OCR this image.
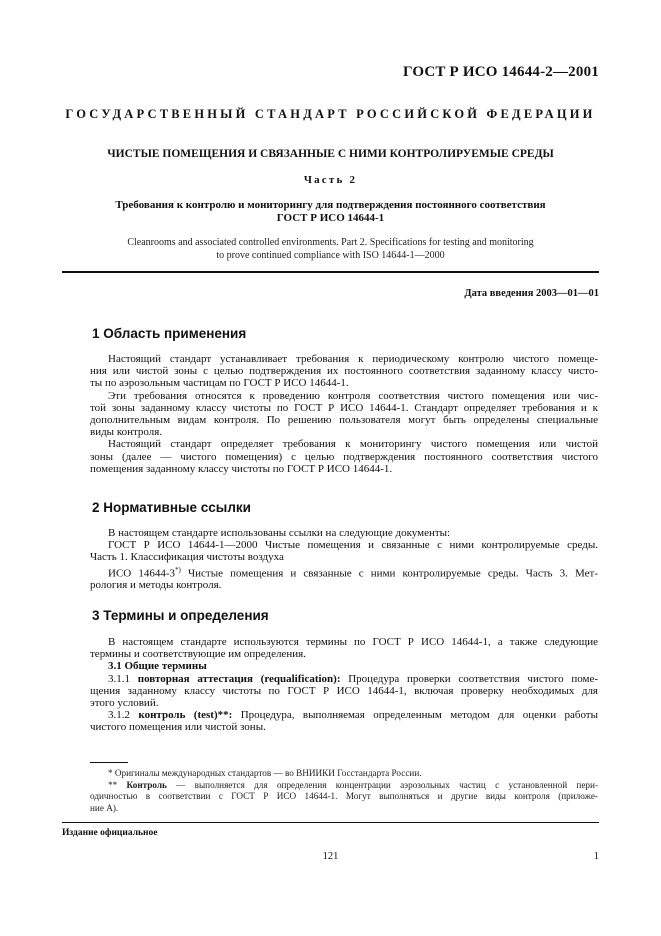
ГОСТ Р ИСО 14644-2—2001
ГОСУДАРСТВЕННЫЙ СТАНДАРТ РОССИЙСКОЙ ФЕДЕРАЦИИ
ЧИСТЫЕ ПОМЕЩЕНИЯ И СВЯЗАННЫЕ С НИМИ КОНТРОЛИРУЕМЫЕ СРЕДЫ
Часть 2
Требования к контролю и мониторингу для подтверждения постоянного соответствия
ГОСТ Р ИСО 14644-1
Cleanrooms and associated controlled environments. Part 2. Specifications for testing and monitoring
to prove continued compliance with ISO 14644-1—2000
Дата введения 2003—01—01
1 Область применения
Настоящий стандарт устанавливает требования к периодическому контролю чистого помеще-
ния или чистой зоны с целью подтверждения их постоянного соответствия заданному классу чисто-
ты по аэрозольным частицам по ГОСТ Р ИСО 14644-1.
Эти требования относятся к проведению контроля соответствия чистого помещения или чис-
той зоны заданному классу чистоты по ГОСТ Р ИСО 14644-1. Стандарт определяет требования и к
дополнительным видам контроля. По решению пользователя могут быть определены специальные
виды контроля.
Настоящий стандарт определяет требования к мониторингу чистого помещения или чистой
зоны (далее — чистого помещения) с целью подтверждения постоянного соответствия чистого
помещения заданному классу чистоты по ГОСТ Р ИСО 14644-1.
2 Нормативные ссылки
В настоящем стандарте использованы ссылки на следующие документы:
ГОСТ Р ИСО 14644-1—2000 Чистые помещения и связанные с ними контролируемые среды.
Часть 1. Классификация чистоты воздуха
ИСО 14644-3*) Чистые помещения и связанные с ними контролируемые среды. Часть 3. Мет-
рология и методы контроля.
3 Термины и определения
В настоящем стандарте используются термины по ГОСТ Р ИСО 14644-1, а также следующие
термины и соответствующие им определения.
3.1 Общие термины
3.1.1 повторная аттестация (requalification): Процедура проверки соответствия чистого поме-
щения заданному классу чистоты по ГОСТ Р ИСО 14644-1, включая проверку необходимых для
этого условий.
3.1.2 контроль (test)**: Процедура, выполняемая определенным методом для оценки работы
чистого помещения или чистой зоны.
* Оригиналы международных стандартов — во ВНИИКИ Госстандарта России.
** Контроль — выполняется для определения концентрации аэрозольных частиц с установленной пери-
одичностью в соответствии с ГОСТ Р ИСО 14644-1. Могут выполняться и другие виды контроля (приложе-
ние А).
Издание официальное
121	1
